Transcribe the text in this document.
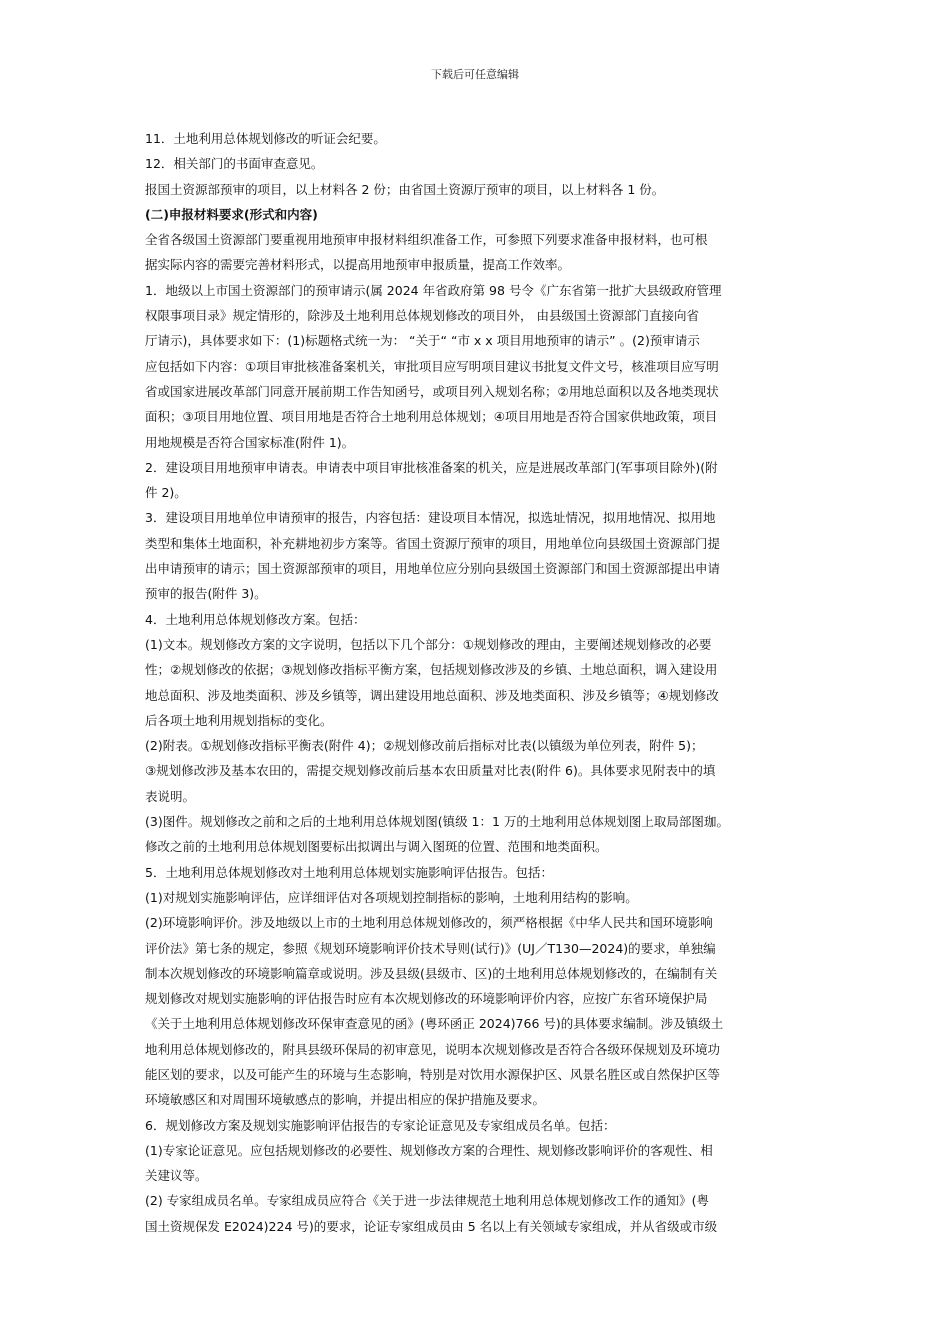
下载后可任意编辑

11．土地利用总体规划修改的听证会纪要。

12．相关部门的书面审查意见。

报国土资源部预审的项目，以上材料各 2 份；由省国土资源厅预审的项目，以上材料各 1 份。

(二)申报材料要求(形式和内容)

全省各级国土资源部门要重视用地预审申报材料组织准备工作，可参照下列要求准备申报材料，也可根

据实际内容的需要完善材料形式，以提高用地预审申报质量，提高工作效率。

1．地级以上市国土资源部门的预审请示(属 2024 年省政府第 98 号令《广东省第一批扩大县级政府管理

权限事项目录》规定情形的，除涉及土地利用总体规划修改的项目外， 由县级国土资源部门直接向省

厅请示)，具体要求如下：(1)标题格式统一为： “关于“ “市 x x 项目用地预审的请示” 。(2)预审请示

应包括如下内容：①项目审批核准备案机关，审批项目应写明项目建议书批复文件文号，核准项目应写明

省或国家进展改革部门同意开展前期工作告知函号，或项目列入规划名称；②用地总面积以及各地类现状

面积；③项目用地位置、项目用地是否符合土地利用总体规划；④项目用地是否符合国家供地政策，项目

用地规模是否符合国家标准(附件 1)。

2．建设项目用地预审申请表。申请表中项目审批核准备案的机关，应是进展改革部门(军事项目除外)(附

件 2)。

3．建设项目用地单位申请预审的报告，内容包括：建设项目本情况，拟选址情况，拟用地情况、拟用地

类型和集体土地面积，补充耕地初步方案等。省国土资源厅预审的项目，用地单位向县级国土资源部门提

出申请预审的请示；国土资源部预审的项目，用地单位应分别向县级国土资源部门和国土资源部提出申请

预审的报告(附件 3)。

4．土地利用总体规划修改方案。包括：

(1)文本。规划修改方案的文字说明，包括以下几个部分：①规划修改的理由，主要阐述规划修改的必要

性；②规划修改的依据；③规划修改指标平衡方案，包括规划修改涉及的乡镇、土地总面积，调入建设用

地总面积、涉及地类面积、涉及乡镇等，调出建设用地总面积、涉及地类面积、涉及乡镇等；④规划修改

后各项土地利用规划指标的变化。

(2)附表。①规划修改指标平衡表(附件 4)；②规划修改前后指标对比表(以镇级为单位列表，附件 5)；

③规划修改涉及基本农田的，需提交规划修改前后基本农田质量对比表(附件 6)。具体要求见附表中的填

表说明。

(3)图件。规划修改之前和之后的土地利用总体规划图(镇级 1：1 万的土地利用总体规划图上取局部图珈。

修改之前的土地利用总体规划图要标出拟调出与调入图斑的位置、范围和地类面积。

5．土地利用总体规划修改对土地利用总体规划实施影响评估报告。包括：

(1)对规划实施影响评估，应详细评估对各项规划控制指标的影响，土地利用结构的影响。

(2)环境影响评价。涉及地级以上市的土地利用总体规划修改的，须严格根据《中华人民共和国环境影响

评价法》第七条的规定，参照《规划环境影响评价技术导则(试行)》(UJ／T130—2024)的要求，单独编

制本次规划修改的环境影响篇章或说明。涉及县级(县级市、区)的土地利用总体规划修改的，在编制有关

规划修改对规划实施影响的评估报告时应有本次规划修改的环境影响评价内容，应按广东省环境保护局

《关于土地利用总体规划修改环保审查意见的函》(粤环函正 2024)766 号)的具体要求编制。涉及镇级土

地利用总体规划修改的，附具县级环保局的初审意见，说明本次规划修改是否符合各级环保规划及环境功

能区划的要求，以及可能产生的环境与生态影响，特别是对饮用水源保护区、风景名胜区或自然保护区等

环境敏感区和对周围环境敏感点的影响，并提出相应的保护措施及要求。

6．规划修改方案及规划实施影响评估报告的专家论证意见及专家组成员名单。包括：

(1)专家论证意见。应包括规划修改的必要性、规划修改方案的合理性、规划修改影响评价的客观性、相

关建议等。

(2) 专家组成员名单。专家组成员应符合《关于进一步法律规范土地利用总体规划修改工作的通知》(粤

国土资规保发 E2024)224 号)的要求，论证专家组成员由 5 名以上有关领域专家组成，并从省级或市级
